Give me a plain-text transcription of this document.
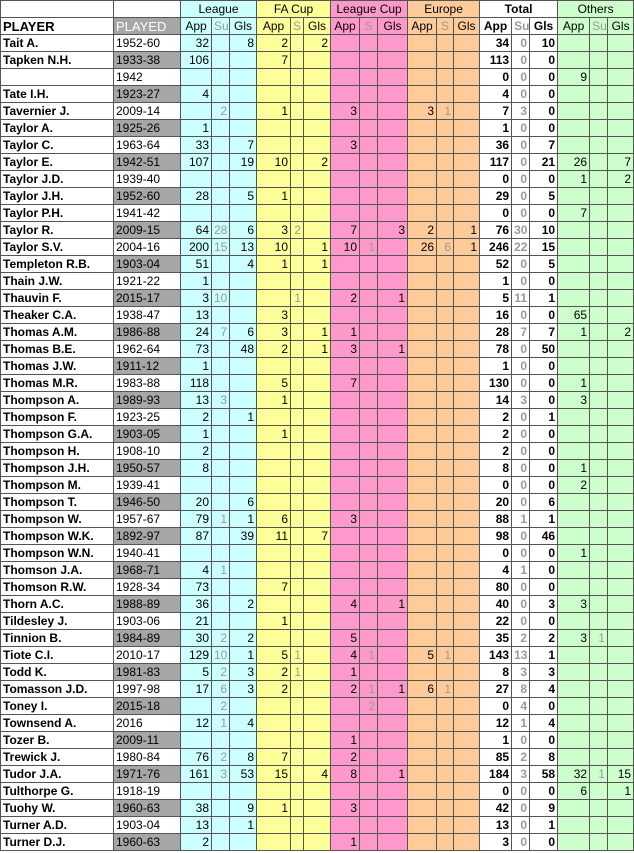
		League			FA Cup			League Cup			Europe			Total			Others		
PLAYER	PLAYED	App	Su	Gls	App	S	Gls	App	S	Gls	App	S	Gls	App	Su	Gls	App	Su	Gls
Tait A.	1952-60	32		8	2		2							34	0	10			
Tapken N.H.	1933-38	106			7									113	0	0			
	1942													0	0	0	9		
Tate I.H.	1923-27	4												4	0	0			
Tavernier J.	2009-14		2		1			3			3	1		7	3	0			
Taylor A.	1925-26	1												1	0	0			
Taylor C.	1963-64	33		7				3						36	0	7			
Taylor E.	1942-51	107		19	10		2							117	0	21	26		7
Taylor J.D.	1939-40													0	0	0	1		2
Taylor J.H.	1952-60	28		5	1									29	0	5			
Taylor P.H.	1941-42													0	0	0	7		
Taylor R.	2009-15	64	28	6	3	2		7		3	2		1	76	30	10			
Taylor S.V.	2004-16	200	15	13	10		1	10	1		26	6	1	246	22	15			
Templeton R.B.	1903-04	51		4	1		1							52	0	5			
Thain J.W.	1921-22	1												1	0	0			
Thauvin F.	2015-17	3	10			1		2		1				5	11	1			
Theaker C.A.	1938-47	13			3									16	0	0	65		
Thomas A.M.	1986-88	24	7	6	3		1	1						28	7	7	1		2
Thomas B.E.	1962-64	73		48	2		1	3		1				78	0	50			
Thomas J.W.	1911-12	1												1	0	0			
Thomas M.R.	1983-88	118			5			7						130	0	0	1		
Thompson A.	1989-93	13	3		1									14	3	0	3		
Thompson F.	1923-25	2		1										2	0	1			
Thompson G.A.	1903-05	1			1									2	0	0			
Thompson H.	1908-10	2												2	0	0			
Thompson J.H.	1950-57	8												8	0	0	1		
Thompson M.	1939-41													0	0	0	2		
Thompson T.	1946-50	20		6										20	0	6			
Thompson W.	1957-67	79	1	1	6			3						88	1	1			
Thompson W.K.	1892-97	87		39	11		7							98	0	46			
Thompson W.N.	1940-41													0	0	0	1		
Thomson J.A.	1968-71	4	1											4	1	0			
Thomson R.W.	1928-34	73			7									80	0	0			
Thorn A.C.	1988-89	36		2				4		1				40	0	3	3		
Tildesley J.	1903-06	21			1									22	0	0			
Tinnion B.	1984-89	30	2	2				5						35	2	2	3	1	
Tiote C.I.	2010-17	129	10	1	5	1		4	1		5	1		143	13	1			
Todd K.	1981-83	5	2	3	2	1		1						8	3	3			
Tomasson J.D.	1997-98	17	6	3	2			2	1	1	6	1		27	8	4			
Toney I.	2015-18		2						2					0	4	0			
Townsend A.	2016	12	1	4										12	1	4			
Tozer B.	2009-11							1						1	0	0			
Trewick J.	1980-84	76	2	8	7			2						85	2	8			
Tudor J.A.	1971-76	161	3	53	15		4	8		1				184	3	58	32	1	15
Tulthorpe G.	1918-19													0	0	0	6		1
Tuohy W.	1960-63	38		9	1			3						42	0	9			
Turner A.D.	1903-04	13		1										13	0	1			
Turner D.J.	1960-63	2						1						3	0	0			
